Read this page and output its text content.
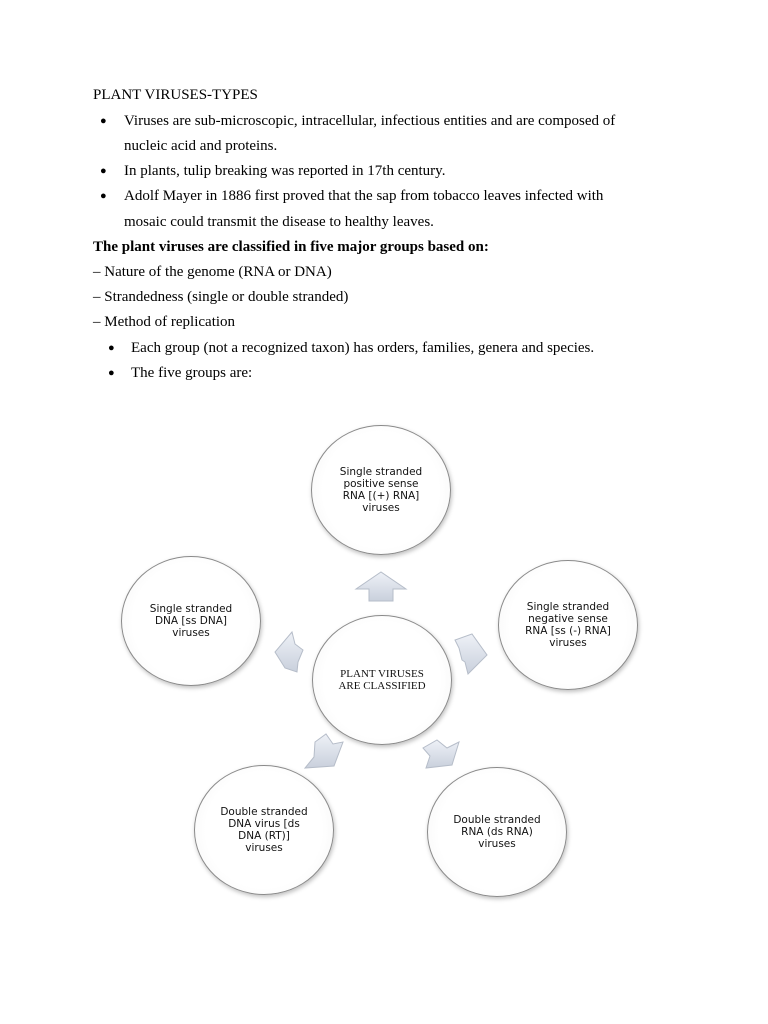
PLANT VIRUSES-TYPES
● Viruses are sub-microscopic, intracellular, infectious entities and are composed of
nucleic acid and proteins.
● In plants, tulip breaking was reported in 17th century.
● Adolf Mayer in 1886 first proved that the sap from tobacco leaves infected with
mosaic could transmit the disease to healthy leaves.
The plant viruses are classified in five major groups based on:
– Nature of the genome (RNA or DNA)
– Strandedness (single or double stranded)
– Method of replication
● Each group (not a recognized taxon) has orders, families, genera and species.
● The five groups are:
PLANT VIRUSES
ARE CLASSIFIED
Single stranded
positive sense
RNA [(+) RNA]
viruses
Single stranded
negative sense
RNA [ss (-) RNA]
viruses
Double stranded
RNA (ds RNA)
viruses
Double stranded
DNA virus [ds
DNA (RT)]
viruses
Single stranded
DNA [ss DNA]
viruses
